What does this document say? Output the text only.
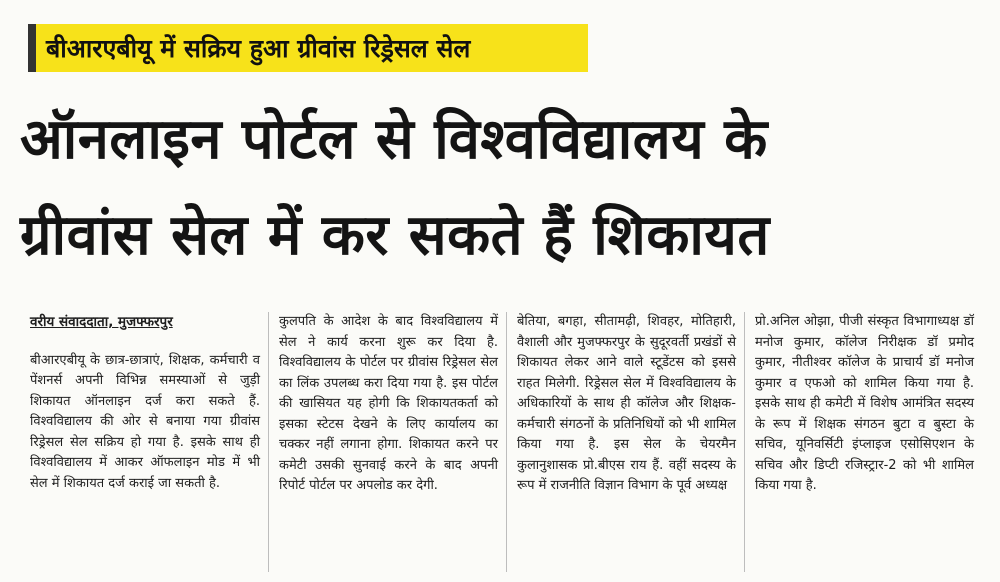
बीआरएबीयू में सक्रिय हुआ ग्रीवांस रिड्रेसल सेल
ऑनलाइन पोर्टल से विश्वविद्यालय के
ग्रीवांस सेल में कर सकते हैं शिकायत
वरीय संवाददाता, मुजफ्फरपुर

बीआरएबीयू के छात्र-छात्राएं, शिक्षक, कर्मचारी व पेंशनर्स अपनी विभिन्न समस्याओं से जुड़ी शिकायत ऑनलाइन दर्ज करा सकते हैं. विश्वविद्यालय की ओर से बनाया गया ग्रीवांस रिड्रेसल सेल सक्रिय हो गया है. इसके साथ ही विश्वविद्यालय में आकर ऑफलाइन मोड में भी सेल में शिकायत दर्ज कराई जा सकती है.

कुलपति के आदेश के बाद विश्वविद्यालय में सेल ने कार्य करना शुरू कर दिया है. विश्वविद्यालय के पोर्टल पर ग्रीवांस रिड्रेसल सेल का लिंक उपलब्ध करा दिया गया है. इस पोर्टल की खासियत यह होगी कि शिकायतकर्ता को इसका स्टेटस देखने के लिए कार्यालय का चक्कर नहीं लगाना होगा. शिकायत करने पर कमेटी उसकी सुनवाई करने के बाद अपनी रिपोर्ट पोर्टल पर अपलोड कर देगी.

बेतिया, बगहा, सीतामढ़ी, शिवहर, मोतिहारी, वैशाली और मुजफ्फरपुर के सुदूरवर्ती प्रखंडों से शिकायत लेकर आने वाले स्टूडेंटस को इससे राहत मिलेगी. रिड्रेसल सेल में विश्वविद्यालय के अधिकारियों के साथ ही कॉलेज और शिक्षक-कर्मचारी संगठनों के प्रतिनिधियों को भी शामिल किया गया है. इस सेल के चेयरमैन कुलानुशासक प्रो.बीएस राय हैं. वहीं सदस्य के रूप में राजनीति विज्ञान विभाग के पूर्व अध्यक्ष

प्रो.अनिल ओझा, पीजी संस्कृत विभागाध्यक्ष डॉ मनोज कुमार, कॉलेज निरीक्षक डॉ प्रमोद कुमार, नीतीश्वर कॉलेज के प्राचार्य डॉ मनोज कुमार व एफओ को शामिल किया गया है. इसके साथ ही कमेटी में विशेष आमंत्रित सदस्य के रूप में शिक्षक संगठन बुटा व बुस्टा के सचिव, यूनिवर्सिटी इंप्लाइज एसोसिएशन के सचिव और डिप्टी रजिस्ट्रार-2 को भी शामिल किया गया है.
